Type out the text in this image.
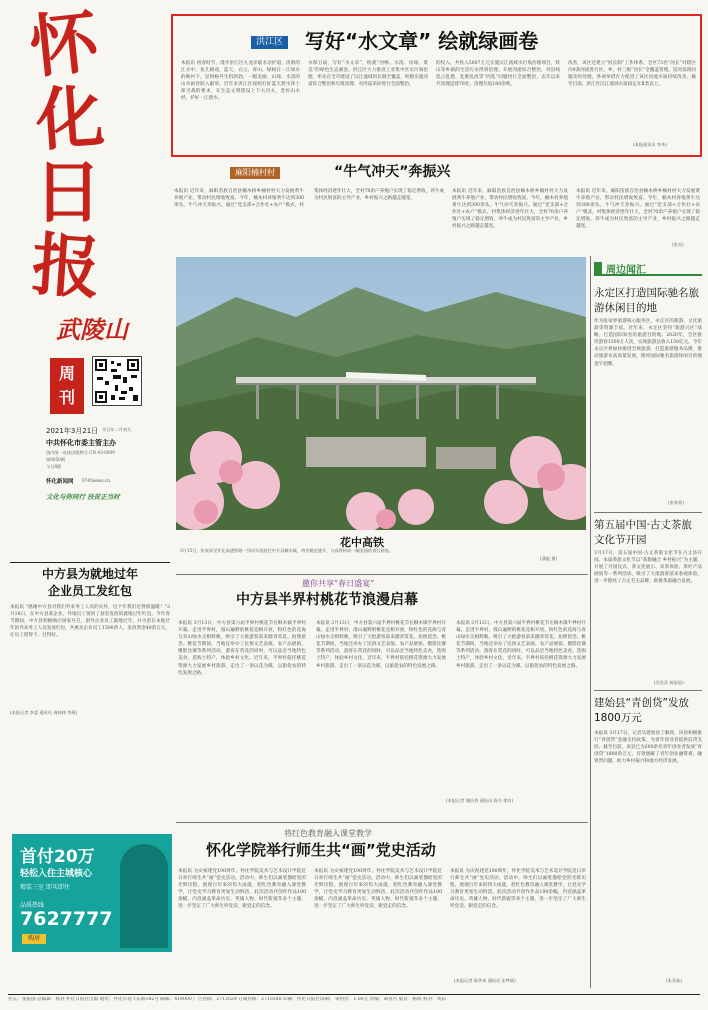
怀
化
日
报
武陵山
周刊
2021年3月21日 辛丑年二月初九
中共怀化市委主管主办
国内统一连续出版物号 CN 43-0009
第6050期
今日8版
怀化新闻网 0745news.cn
文化与你同行 扶贫正当时
洪江区 写好“水文章” 绘就绿画卷
本报讯 初春时节，漫步洪江区九龙岸临水亲护道，清新的江水中，鱼儿嬉戏，蓝天、白云、青山、绿树在一江绿水的映衬下，显得格外生机勃勃，一幅美丽、山绿、水清的山水画卷跃入眼帘。近年来洪江区按照打好蓝天碧水净土保卫战的要求，在生态文明建设上下大功夫，念好山水经，护好一江碧水。
水保卫战，写好“水文章”，绘就“河畅、水清、岸绿、景美”的绿色生态画卷。洪江区大力推进工业集中区水污染治理，率先在全市建设了沅江流域河长制全覆盖，积极实施河道综合整治和垃圾清理，对河道采砂进行全面整治。
的投入，共投入5007万元实施沅江流域水污染治理项目，铁山等乡镇的生活污水得到治理。开展河流综合整治，对沿线乱占乱建、乱堆乱放等“四乱”问题进行全面整治，去年以来共清理违建78处，清理垃圾180余吨。
改善，该区还建立“河长制”工作体系，全区73名“河长”对辖区内9条河流进行区、乡、村三级“河长”全覆盖管理，巡河发现问题及时处理。各项举措有力促进了该区河流水质持续改善。截至目前，洪江区沅江流域水质稳定在Ⅱ类以上。
(本报通讯员 李华)
麻阳楠村村	“牛气冲天”奔振兴
本报讯 近年来，麻阳苗族自治县楠木桥乡楠村村大力发展黄牛养殖产业，带动村民增收致富。今年，楠木村养殖黄牛达到300余头，牛气冲天奔振兴。通过“党支部+合作社+农户”模式，村集体经济逐年壮大，全村70余户养殖户实现了稳定增收，养牛成为村民致富的主导产业，乡村振兴之路越走越宽。
本报讯 近年来，麻阳苗族自治县楠木桥乡楠村村大力发展黄牛养殖产业，带动村民增收致富。今年，楠木村养殖黄牛达到300余头，牛气冲天奔振兴。通过“党支部+合作社+农户”模式，村集体经济逐年壮大，全村70余户养殖户实现了稳定增收，养牛成为村民致富的主导产业，乡村振兴之路越走越宽。
本报讯 近年来，麻阳苗族自治县楠木桥乡楠村村大力发展黄牛养殖产业，带动村民增收致富。今年，楠木村养殖黄牛达到300余头，牛气冲天奔振兴。通过“党支部+合作社+农户”模式，村集体经济逐年壮大，全村70余户养殖户实现了稳定增收，养牛成为村民致富的主导产业，乡村振兴之路越走越宽。
(张杰)
花中高铁
3月15日，张家界至怀化高速铁路一列动车组驶过中方县桐木镇，两旁桃花盛开，与高铁构成一幅美丽的春日画卷。
(蒲彪 摄)
中方县为就地过年
企业员工发红包
本报讯 “感谢中方县对我们外来务工人员的关怀，这个年我们过得很温暖！”3月18日，在中方县某企业，外地员工领到了县里发放的就地过年红包。今年春节期间，中方县积极响应国家号召，倡导企业员工就地过年，并为留在本地过年的外来务工人员发放红包，共惠及企业员工1500余人，发放资金40余万元，让员工留得下、过得好。
(本报记者 李睿 通讯员 周帅林 李燕)
邀你共享“春日盛宴”
中方县半界村桃花节浪漫启幕
本报讯 3月13日，中方县第六届半界村桃花节在桐木镇半界村开幕。走进半界村，漫山遍野的桃花竞相开放，粉红色的花海与青山绿水交相辉映，吸引了大批游客前来踏青赏花、拍照留念。桃花节期间，当地还举办了民俗文艺表演、农产品展销、摄影比赛等系列活动，游客在赏花的同时，可以品尝当地特色美食，选购土特产，体验乡村文化。近年来，半界村依托桃花资源大力发展乡村旅游，走出了一条以花为媒、以旅促农的特色发展之路。
本报讯 3月13日，中方县第六届半界村桃花节在桐木镇半界村开幕。走进半界村，漫山遍野的桃花竞相开放，粉红色的花海与青山绿水交相辉映，吸引了大批游客前来踏青赏花、拍照留念。桃花节期间，当地还举办了民俗文艺表演、农产品展销、摄影比赛等系列活动，游客在赏花的同时，可以品尝当地特色美食，选购土特产，体验乡村文化。近年来，半界村依托桃花资源大力发展乡村旅游，走出了一条以花为媒、以旅促农的特色发展之路。
本报讯 3月13日，中方县第六届半界村桃花节在桐木镇半界村开幕。走进半界村，漫山遍野的桃花竞相开放，粉红色的花海与青山绿水交相辉映，吸引了大批游客前来踏青赏花、拍照留念。桃花节期间，当地还举办了民俗文艺表演、农产品展销、摄影比赛等系列活动，游客在赏花的同时，可以品尝当地特色美食，选购土特产，体验乡村文化。近年来，半界村依托桃花资源大力发展乡村旅游，走出了一条以花为媒、以旅促农的特色发展之路。
(本报记者 谢昌秀 通讯员 陈丹 徐启)
首付20万
轻松入住主城核心
精装三室 即买即住
品质热线
7627777
购房
将红色教育融入课堂教学
怀化学院举行师生共“画”党史活动
本报讯 为庆祝建党100周年，怀化学院美术与艺术设计学院近日举行师生共“画”党史活动。活动中，师生们以画笔描绘党的光辉历程，展现百年来的伟大成就，把红色教育融入课堂教学，让党史学习教育更加生动鲜活。此次活动共创作作品100余幅，内容涵盖革命历史、英雄人物、时代新貌等多个主题，进一步坚定了广大师生听党话、跟党走的信念。
本报讯 为庆祝建党100周年，怀化学院美术与艺术设计学院近日举行师生共“画”党史活动。活动中，师生们以画笔描绘党的光辉历程，展现百年来的伟大成就，把红色教育融入课堂教学，让党史学习教育更加生动鲜活。此次活动共创作作品100余幅，内容涵盖革命历史、英雄人物、时代新貌等多个主题，进一步坚定了广大师生听党话、跟党走的信念。
本报讯 为庆祝建党100周年，怀化学院美术与艺术设计学院近日举行师生共“画”党史活动。活动中，师生们以画笔描绘党的光辉历程，展现百年来的伟大成就，把红色教育融入课堂教学，让党史学习教育更加生动鲜活。此次活动共创作作品100余幅，内容涵盖革命历史、英雄人物、时代新貌等多个主题，进一步坚定了广大师生听党话、跟党走的信念。
(本报记者 陈华来 通讯员 史梦斌)
周边闻汇
永定区打造国际驰名旅游休闲目的地
作为张家界旅游核心服务区，永定区的旅游、文化旅游等资源丰富。近年来，永定区坚持“旅游兴区”战略，打造国际知名的旅游目的地。2020年，全区接待游客1500万人次，实现旅游总收入150亿元。今年永定区将加快推进全域旅游，打造旅游服务品牌，推动旅游业高质量发展，擦亮国际驰名旅游休闲目的地金字招牌。
(张家界)
第五届中国·古丈茶旅文化节开园
3月17日，第五届中国·古丈茶旅文化节在古丈县开园。本届茶旅文化节以“茶旅融合 乡村振兴”为主题，开展了开园仪式、茶文化展示、采茶体验、茶叶产品展销等一系列活动，吸引了大批游客前来参观体验，进一步擦亮了古丈毛尖品牌，助推茶旅融合发展。
(吴宏武 杨思思)
建始县“青创贷”发放1800万元
本报讯 3月17日，记者从建始县了解到，该县积极推行“青创贷”金融支持政策，为青年创业者提供信贷支持。截至目前，该县已为200余名青年创业者发放“青创贷”1800余万元，有效缓解了青年创业融资难、融资贵问题，助力乡村振兴和地方经济发展。
(朱亚茹)
社长：张振国 总编辑：杨春 怀化日报社出版 地址：怀化市迎丰东路182号 邮编：418000 广告热线：2712029 订阅热线：2719280 印刷：怀化日报社印刷厂 零售价：1.00元 责编：谭春吾 版式：杨海 校对：黄彩
